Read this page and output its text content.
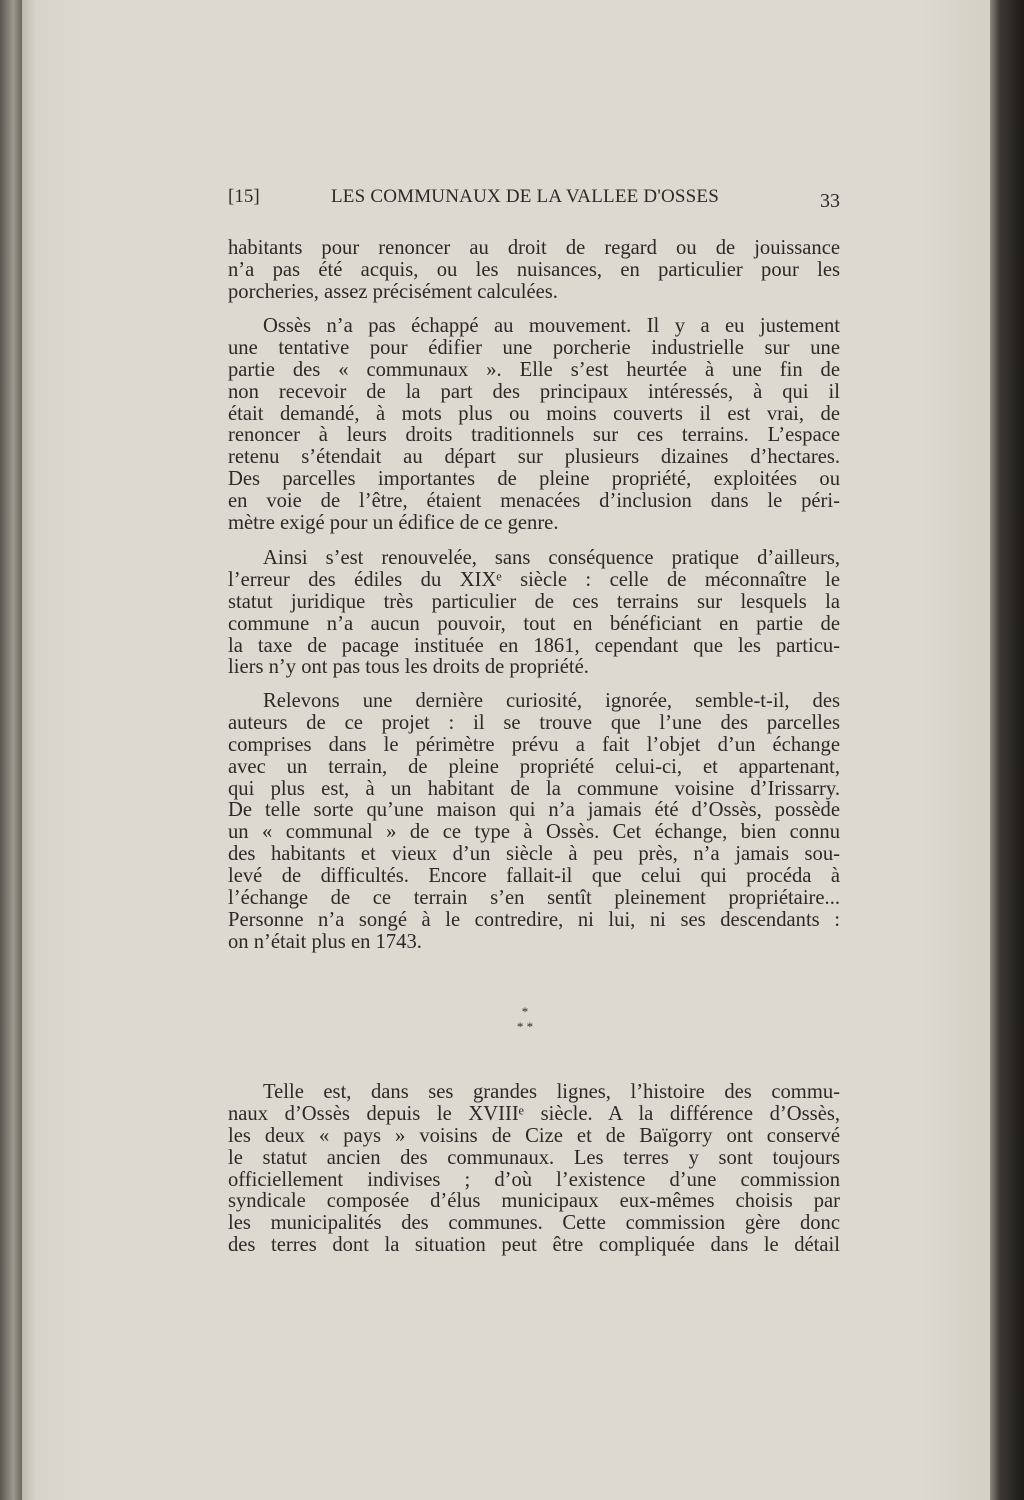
[15]	LES COMMUNAUX DE LA VALLEE D'OSSES	33
habitants pour renoncer au droit de regard ou de jouissance
n’a pas été acquis, ou les nuisances, en particulier pour les
porcheries, assez précisément calculées.
Ossès n’a pas échappé au mouvement. Il y a eu justement
une tentative pour édifier une porcherie industrielle sur une
partie des « communaux ». Elle s’est heurtée à une fin de
non recevoir de la part des principaux intéressés, à qui il
était demandé, à mots plus ou moins couverts il est vrai, de
renoncer à leurs droits traditionnels sur ces terrains. L’espace
retenu s’étendait au départ sur plusieurs dizaines d’hectares.
Des parcelles importantes de pleine propriété, exploitées ou
en voie de l’être, étaient menacées d’inclusion dans le péri-
mètre exigé pour un édifice de ce genre.
Ainsi s’est renouvelée, sans conséquence pratique d’ailleurs,
l’erreur des édiles du XIXᵉ siècle : celle de méconnaître le
statut juridique très particulier de ces terrains sur lesquels la
commune n’a aucun pouvoir, tout en bénéficiant en partie de
la taxe de pacage instituée en 1861, cependant que les particu-
liers n’y ont pas tous les droits de propriété.
Relevons une dernière curiosité, ignorée, semble-t-il, des
auteurs de ce projet : il se trouve que l’une des parcelles
comprises dans le périmètre prévu a fait l’objet d’un échange
avec un terrain, de pleine propriété celui-ci, et appartenant,
qui plus est, à un habitant de la commune voisine d’Irissarry.
De telle sorte qu’une maison qui n’a jamais été d’Ossès, possède
un « communal » de ce type à Ossès. Cet échange, bien connu
des habitants et vieux d’un siècle à peu près, n’a jamais sou-
levé de difficultés. Encore fallait-il que celui qui procéda à
l’échange de ce terrain s’en sentît pleinement propriétaire...
Personne n’a songé à le contredire, ni lui, ni ses descendants :
on n’était plus en 1743.
*
* *
Telle est, dans ses grandes lignes, l’histoire des commu-
naux d’Ossès depuis le XVIIIᵉ siècle. A la différence d’Ossès,
les deux « pays » voisins de Cize et de Baïgorry ont conservé
le statut ancien des communaux. Les terres y sont toujours
officiellement indivises ; d’où l’existence d’une commission
syndicale composée d’élus municipaux eux-mêmes choisis par
les municipalités des communes. Cette commission gère donc
des terres dont la situation peut être compliquée dans le détail
